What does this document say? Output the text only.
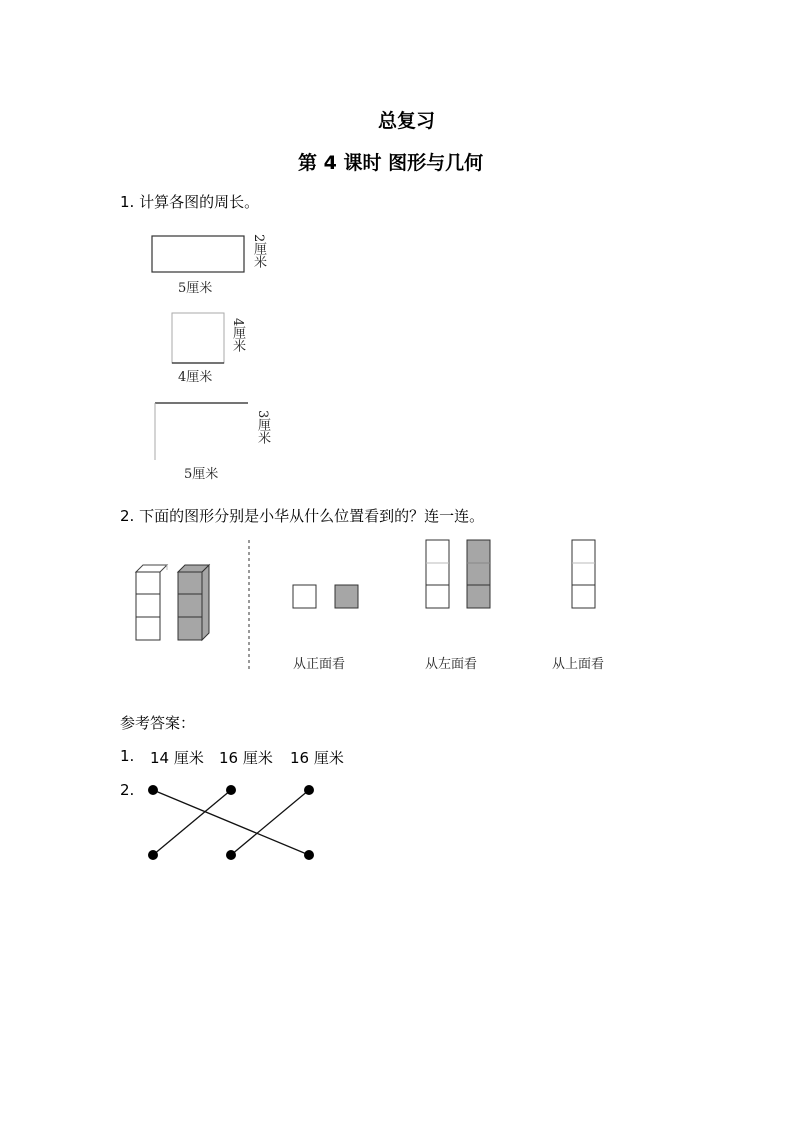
总复习
第 4 课时 图形与几何
1. 计算各图的周长。
5厘米
2厘米
4厘米
4厘米
5厘米
3厘米
2. 下面的图形分别是小华从什么位置看到的？连一连。
从正面看	从左面看	从上面看
参考答案：
1. 14 厘米 16 厘米 16 厘米
2.
